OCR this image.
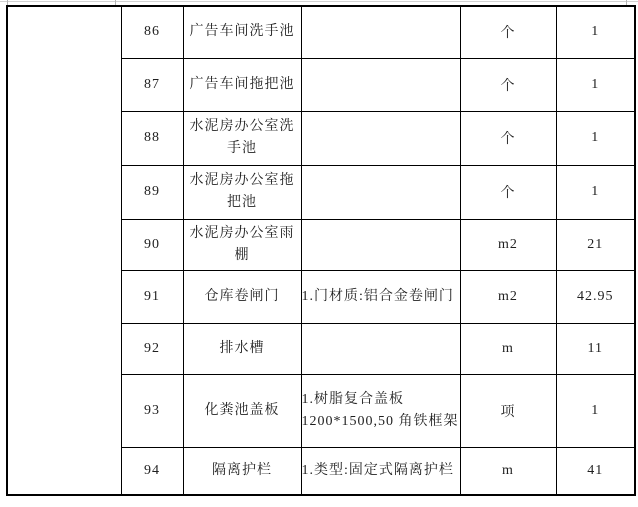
	86	广告车间洗手池		个	1
	87	广告车间拖把池		个	1
	88	水泥房办公室洗手池		个	1
	89	水泥房办公室拖把池		个	1
	90	水泥房办公室雨棚		m2	21
	91	仓库卷闸门	1.门材质:铝合金卷闸门	m2	42.95
	92	排水槽		m	11
	93	化粪池盖板	1.树脂复合盖板 1200*1500,50 角铁框架	项	1
	94	隔离护栏	1.类型:固定式隔离护栏	m	41
